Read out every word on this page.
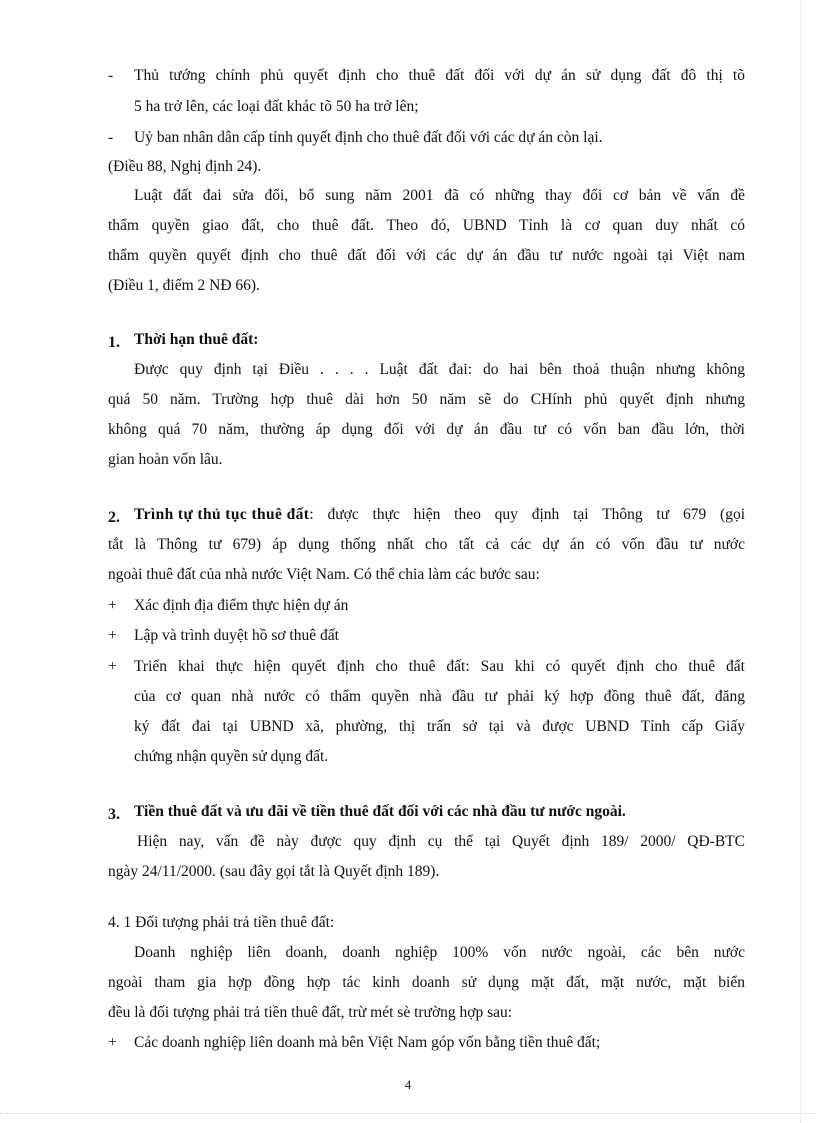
- Thủ tướng chính phủ quyết định cho thuê đất đối với dự án sử dụng đất đô thị tõ
5 ha trở lên, các loại đất khác tõ 50 ha trở lên;
- Uỷ ban nhân dân cấp tỉnh quyết định cho thuê đất đối với các dự án còn lại.
(Điều 88, Nghị định 24).
Luật đất đai sửa đổi, bổ sung năm 2001 đã có những thay đổi cơ bản về vấn đề
thẩm quyền giao đất, cho thuê đất. Theo đó, UBND Tỉnh là cơ quan duy nhất có
thẩm quyền quyết định cho thuê đất đối với các dự án đầu tư nước ngoài tại Việt nam
(Điều 1, điểm 2 NĐ 66).
1. Thời hạn thuê đất:
Được quy định tại Điều . . . . Luật đất đai: do hai bên thoả thuận nhưng không
quá 50 năm. Trường hợp thuê dài hơn 50 năm sẽ do CHính phủ quyết định nhưng
không quá 70 năm, thường áp dụng đối với dự án đầu tư có vốn ban đầu lớn, thời
gian hoàn vốn lâu.
2. Trình tự thủ tục thuê đất : được thực hiện theo quy định tại Thông tư 679 (gọi
tắt là Thông tư 679) áp dụng thống nhất cho tất cả các dự án có vốn đầu tư nước
ngoài thuê đất của nhà nước Việt Nam. Có thể chia làm các bước sau:
+ Xác định địa điểm thực hiện dự án
+ Lập và trình duyệt hồ sơ thuê đất
+ Triển khai thực hiện quyết định cho thuê đất: Sau khi có quyết định cho thuê đất
của cơ quan nhà nước có thẩm quyền nhà đầu tư phải ký hợp đồng thuê đất, đăng
ký đất đai tại UBND xã, phường, thị trấn sở tại và được UBND Tỉnh cấp Giấy
chứng nhận quyền sử dụng đất.
3. Tiền thuê đất và ưu đãi về tiền thuê đất đối với các nhà đầu tư nước ngoài.
Hiện nay, vấn đề này được quy định cụ thể tại Quyết định 189/ 2000/ QĐ-BTC
ngày 24/11/2000. (sau đây gọi tắt là Quyết định 189).
4. 1 Đối tượng phải trả tiền thuê đất:
Doanh nghiệp liên doanh, doanh nghiệp 100% vốn nước ngoài, các bên nước
ngoài tham gia hợp đồng hợp tác kinh doanh sử dụng mặt đất, mặt nước, mặt biển
đều là đối tượng phải trả tiền thuê đất, trừ mét sè trường hợp sau:
+ Các doanh nghiệp liên doanh mà bên Việt Nam góp vốn bằng tiền thuê đất;
4
